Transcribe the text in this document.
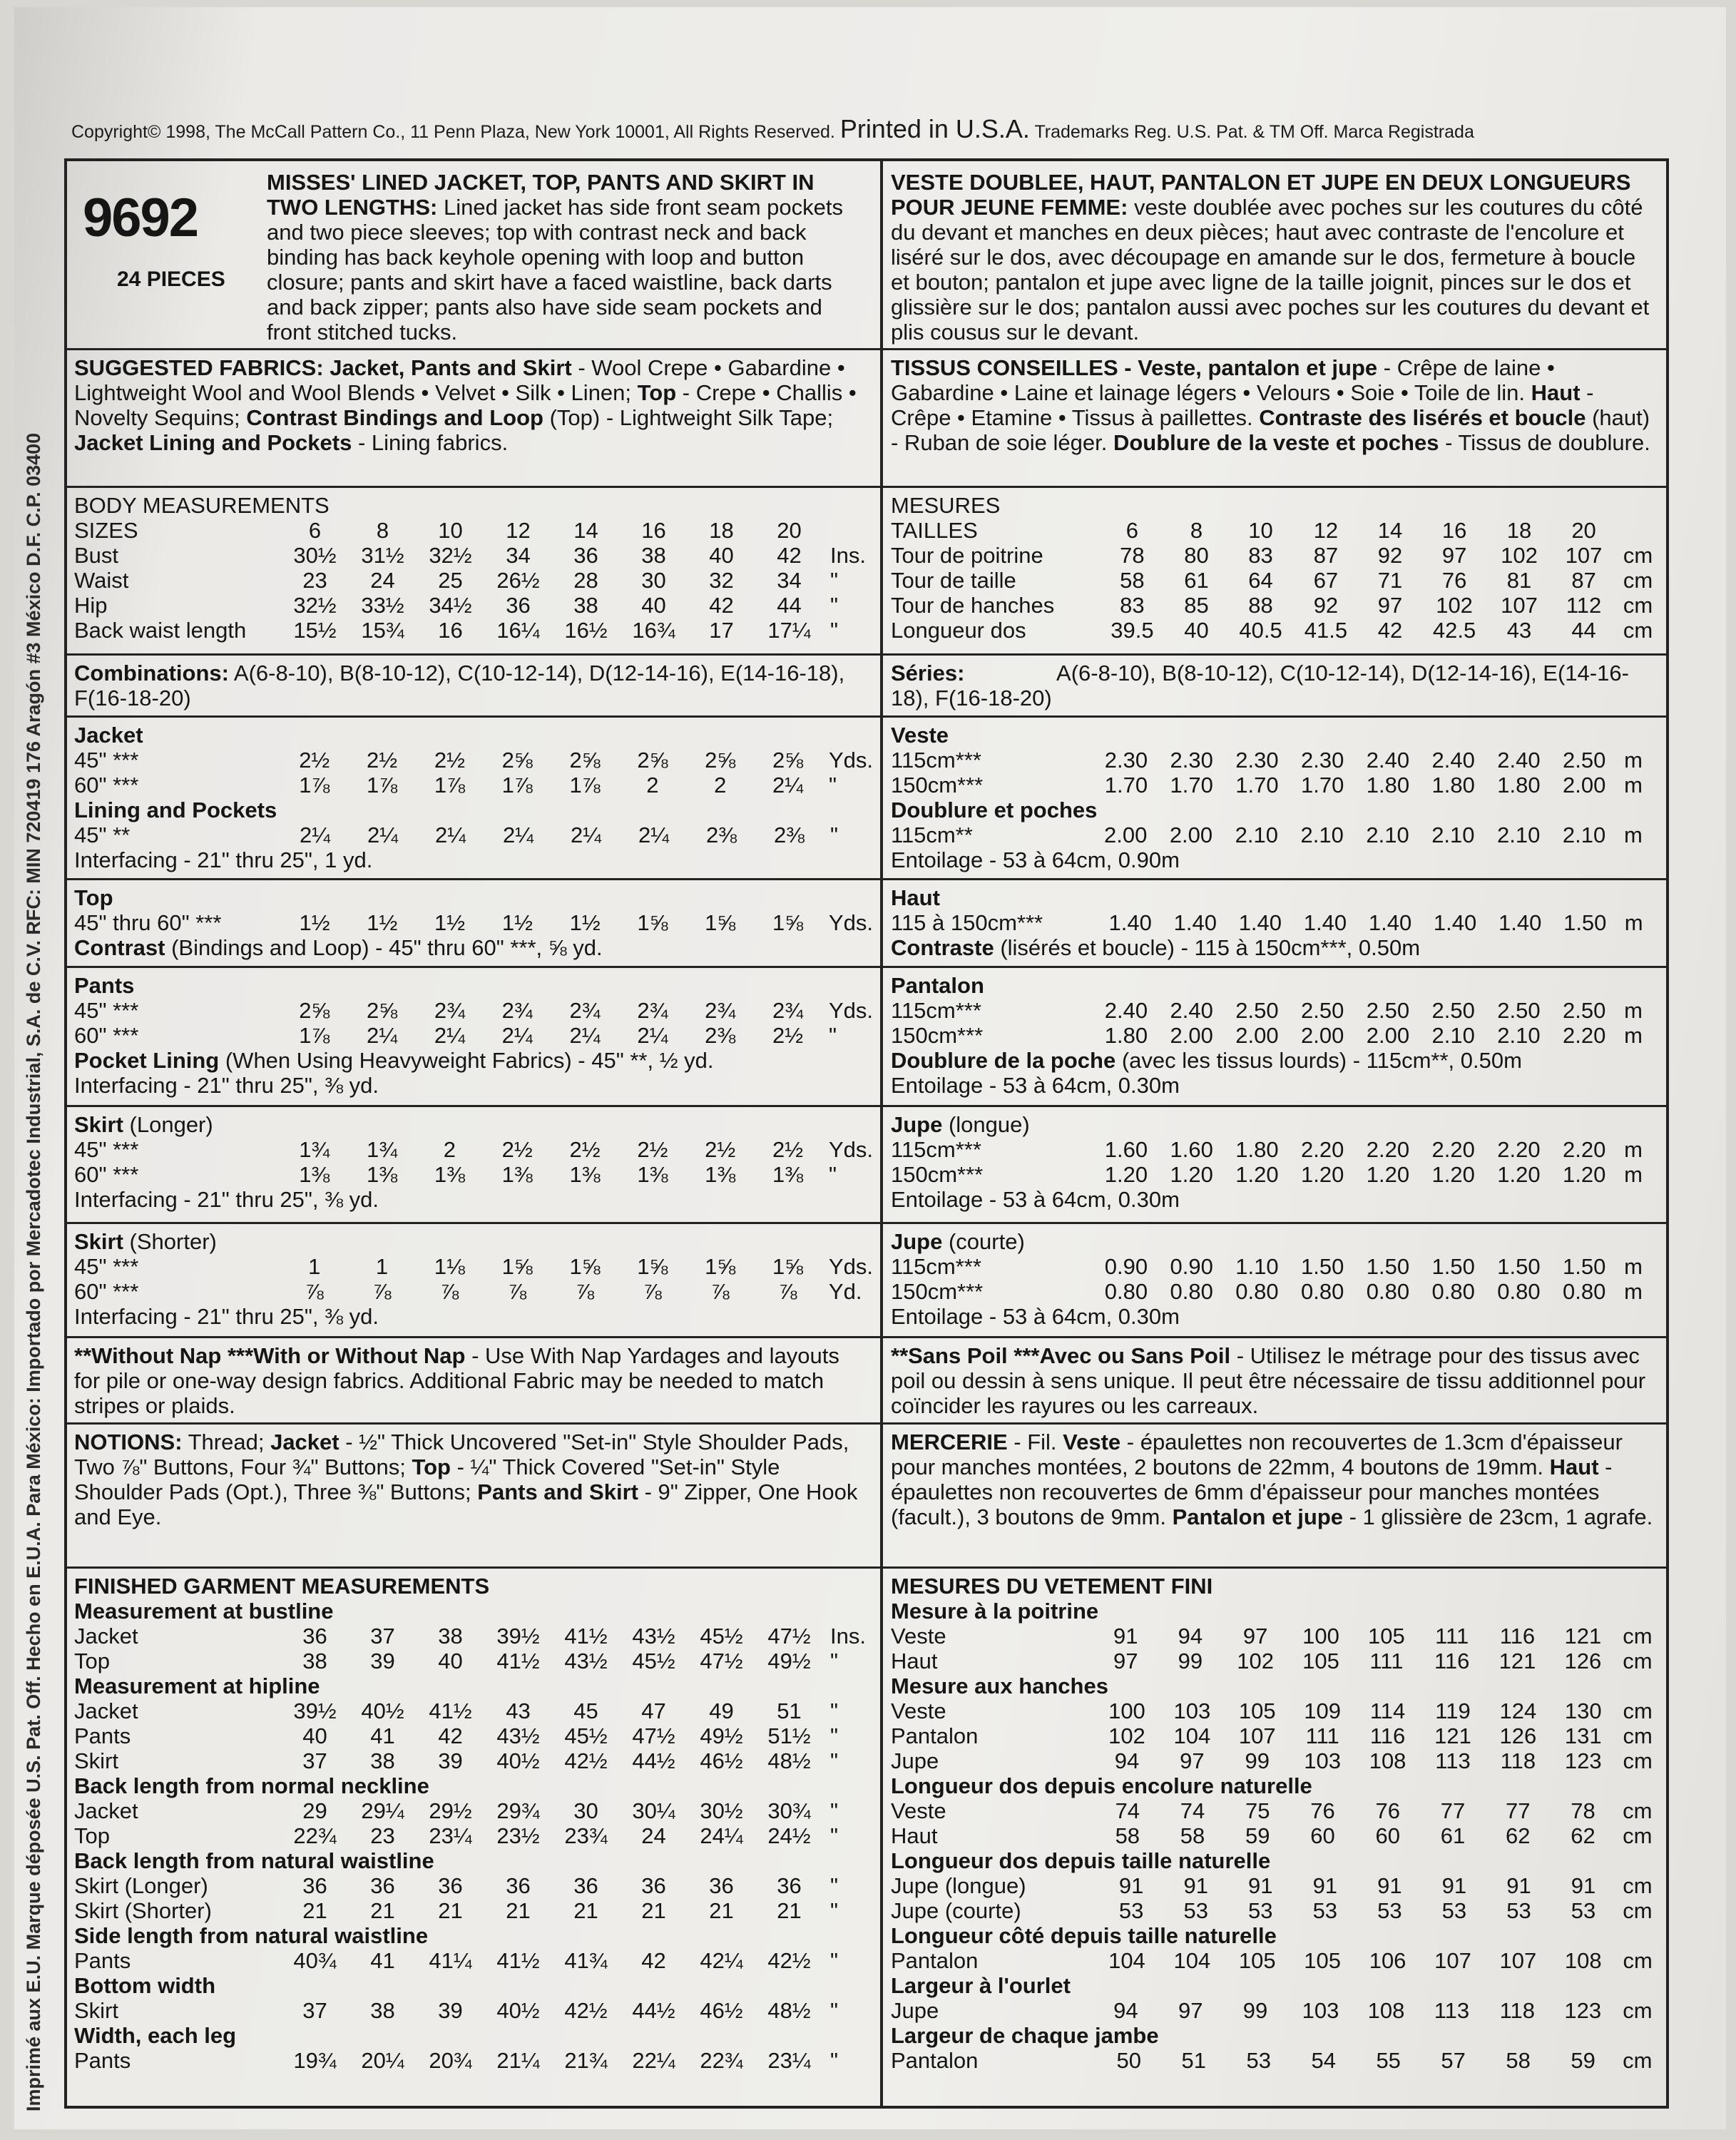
Imprimé aux E.U. Marque déposée U.S. Pat. Off. Hecho en E.U.A. Para México: Importado por Mercadotec Industrial, S.A. de C.V. RFC: MIN 720419 176 Aragón #3 México D.F. C.P. 03400
Copyright© 1998, The McCall Pattern Co., 11 Penn Plaza, New York 10001, All Rights Reserved. Printed in U.S.A. Trademarks Reg. U.S. Pat. & TM Off. Marca Registrada
9692
24 PIECES
MISSES' LINED JACKET, TOP, PANTS AND SKIRT IN TWO LENGTHS: Lined jacket has side front seam pockets and two piece sleeves; top with contrast neck and back binding has back keyhole opening with loop and button closure; pants and skirt have a faced waistline, back darts and back zipper; pants also have side seam pockets and front stitched tucks.
SUGGESTED FABRICS: Jacket, Pants and Skirt - Wool Crepe • Gabardine • Lightweight Wool and Wool Blends • Velvet • Silk • Linen; Top - Crepe • Challis • Novelty Sequins; Contrast Bindings and Loop (Top) - Lightweight Silk Tape; Jacket Lining and Pockets - Lining fabrics.
BODY MEASUREMENTS
SIZES	6	8	10	12	14	16	18	20	
Bust	30½	31½	32½	34	36	38	40	42	Ins.
Waist	23	24	25	26½	28	30	32	34	"
Hip	32½	33½	34½	36	38	40	42	44	"
Back waist length	15½	15¾	16	16¼	16½	16¾	17	17¼	"
Combinations: A(6-8-10), B(8-10-12), C(10-12-14), D(12-14-16), E(14-16-18), F(16-18-20)
Jacket
45" ***	2½	2½	2½	2⅝	2⅝	2⅝	2⅝	2⅝	Yds.
60" ***	1⅞	1⅞	1⅞	1⅞	1⅞	2	2	2¼	"
Lining and Pockets
45" **	2¼	2¼	2¼	2¼	2¼	2¼	2⅜	2⅜	"
Interfacing - 21" thru 25", 1 yd.
Top
45" thru 60" ***	1½	1½	1½	1½	1½	1⅝	1⅝	1⅝	Yds.
Contrast (Bindings and Loop) - 45" thru 60" ***, ⅝ yd.
Pants
45" ***	2⅝	2⅝	2¾	2¾	2¾	2¾	2¾	2¾	Yds.
60" ***	1⅞	2¼	2¼	2¼	2¼	2¼	2⅜	2½	"
Pocket Lining (When Using Heavyweight Fabrics) - 45" **, ½ yd.
Interfacing - 21" thru 25", ⅜ yd.
Skirt (Longer)
45" ***	1¾	1¾	2	2½	2½	2½	2½	2½	Yds.
60" ***	1⅜	1⅜	1⅜	1⅜	1⅜	1⅜	1⅜	1⅜	"
Interfacing - 21" thru 25", ⅜ yd.
Skirt (Shorter)
45" ***	1	1	1⅛	1⅝	1⅝	1⅝	1⅝	1⅝	Yds.
60" ***	⅞	⅞	⅞	⅞	⅞	⅞	⅞	⅞	Yd.
Interfacing - 21" thru 25", ⅜ yd.
**Without Nap ***With or Without Nap - Use With Nap Yardages and layouts for pile or one-way design fabrics. Additional Fabric may be needed to match stripes or plaids.
NOTIONS: Thread; Jacket - ½" Thick Uncovered "Set-in" Style Shoulder Pads, Two ⅞" Buttons, Four ¾" Buttons; Top - ¼" Thick Covered "Set-in" Style Shoulder Pads (Opt.), Three ⅜" Buttons; Pants and Skirt - 9" Zipper, One Hook and Eye.
FINISHED GARMENT MEASUREMENTS
Measurement at bustline
Jacket	36	37	38	39½	41½	43½	45½	47½	Ins.
Top	38	39	40	41½	43½	45½	47½	49½	"
Measurement at hipline
Jacket	39½	40½	41½	43	45	47	49	51	"
Pants	40	41	42	43½	45½	47½	49½	51½	"
Skirt	37	38	39	40½	42½	44½	46½	48½	"
Back length from normal neckline
Jacket	29	29¼	29½	29¾	30	30¼	30½	30¾	"
Top	22¾	23	23¼	23½	23¾	24	24¼	24½	"
Back length from natural waistline
Skirt (Longer)	36	36	36	36	36	36	36	36	"
Skirt (Shorter)	21	21	21	21	21	21	21	21	"
Side length from natural waistline
Pants	40¾	41	41¼	41½	41¾	42	42¼	42½	"
Bottom width
Skirt	37	38	39	40½	42½	44½	46½	48½	"
Width, each leg
Pants	19¾	20¼	20¾	21¼	21¾	22¼	22¾	23¼	"
VESTE DOUBLEE, HAUT, PANTALON ET JUPE EN DEUX LONGUEURS POUR JEUNE FEMME: veste doublée avec poches sur les coutures du côté du devant et manches en deux pièces; haut avec contraste de l'encolure et liséré sur le dos, avec découpage en amande sur le dos, fermeture à boucle et bouton; pantalon et jupe avec ligne de la taille joignit, pinces sur le dos et glissière sur le dos; pantalon aussi avec poches sur les coutures du devant et plis cousus sur le devant.
TISSUS CONSEILLES - Veste, pantalon et jupe - Crêpe de laine • Gabardine • Laine et lainage légers • Velours • Soie • Toile de lin. Haut - Crêpe • Etamine • Tissus à paillettes. Contraste des lisérés et boucle (haut) - Ruban de soie léger. Doublure de la veste et poches - Tissus de doublure.
MESURES
TAILLES	6	8	10	12	14	16	18	20	
Tour de poitrine	78	80	83	87	92	97	102	107	cm
Tour de taille	58	61	64	67	71	76	81	87	cm
Tour de hanches	83	85	88	92	97	102	107	112	cm
Longueur dos	39.5	40	40.5	41.5	42	42.5	43	44	cm
Séries:	A(6-8-10), B(8-10-12), C(10-12-14), D(12-14-16), E(14-16-18), F(16-18-20)
Veste
115cm***	2.30	2.30	2.30	2.30	2.40	2.40	2.40	2.50	m
150cm***	1.70	1.70	1.70	1.70	1.80	1.80	1.80	2.00	m
Doublure et poches
115cm**	2.00	2.00	2.10	2.10	2.10	2.10	2.10	2.10	m
Entoilage - 53 à 64cm, 0.90m
Haut
115 à 150cm***	1.40	1.40	1.40	1.40	1.40	1.40	1.40	1.50	m
Contraste (lisérés et boucle) - 115 à 150cm***, 0.50m
Pantalon
115cm***	2.40	2.40	2.50	2.50	2.50	2.50	2.50	2.50	m
150cm***	1.80	2.00	2.00	2.00	2.00	2.10	2.10	2.20	m
Doublure de la poche (avec les tissus lourds) - 115cm**, 0.50m
Entoilage - 53 à 64cm, 0.30m
Jupe (longue)
115cm***	1.60	1.60	1.80	2.20	2.20	2.20	2.20	2.20	m
150cm***	1.20	1.20	1.20	1.20	1.20	1.20	1.20	1.20	m
Entoilage - 53 à 64cm, 0.30m
Jupe (courte)
115cm***	0.90	0.90	1.10	1.50	1.50	1.50	1.50	1.50	m
150cm***	0.80	0.80	0.80	0.80	0.80	0.80	0.80	0.80	m
Entoilage - 53 à 64cm, 0.30m
**Sans Poil ***Avec ou Sans Poil - Utilisez le métrage pour des tissus avec poil ou dessin à sens unique. Il peut être nécessaire de tissu additionnel pour coïncider les rayures ou les carreaux.
MERCERIE - Fil. Veste - épaulettes non recouvertes de 1.3cm d'épaisseur pour manches montées, 2 boutons de 22mm, 4 boutons de 19mm. Haut - épaulettes non recouvertes de 6mm d'épaisseur pour manches montées (facult.), 3 boutons de 9mm. Pantalon et jupe - 1 glissière de 23cm, 1 agrafe.
MESURES DU VETEMENT FINI
Mesure à la poitrine
Veste	91	94	97	100	105	111	116	121	cm
Haut	97	99	102	105	111	116	121	126	cm
Mesure aux hanches
Veste	100	103	105	109	114	119	124	130	cm
Pantalon	102	104	107	111	116	121	126	131	cm
Jupe	94	97	99	103	108	113	118	123	cm
Longueur dos depuis encolure naturelle
Veste	74	74	75	76	76	77	77	78	cm
Haut	58	58	59	60	60	61	62	62	cm
Longueur dos depuis taille naturelle
Jupe (longue)	91	91	91	91	91	91	91	91	cm
Jupe (courte)	53	53	53	53	53	53	53	53	cm
Longueur côté depuis taille naturelle
Pantalon	104	104	105	105	106	107	107	108	cm
Largeur à l'ourlet
Jupe	94	97	99	103	108	113	118	123	cm
Largeur de chaque jambe
Pantalon	50	51	53	54	55	57	58	59	cm
